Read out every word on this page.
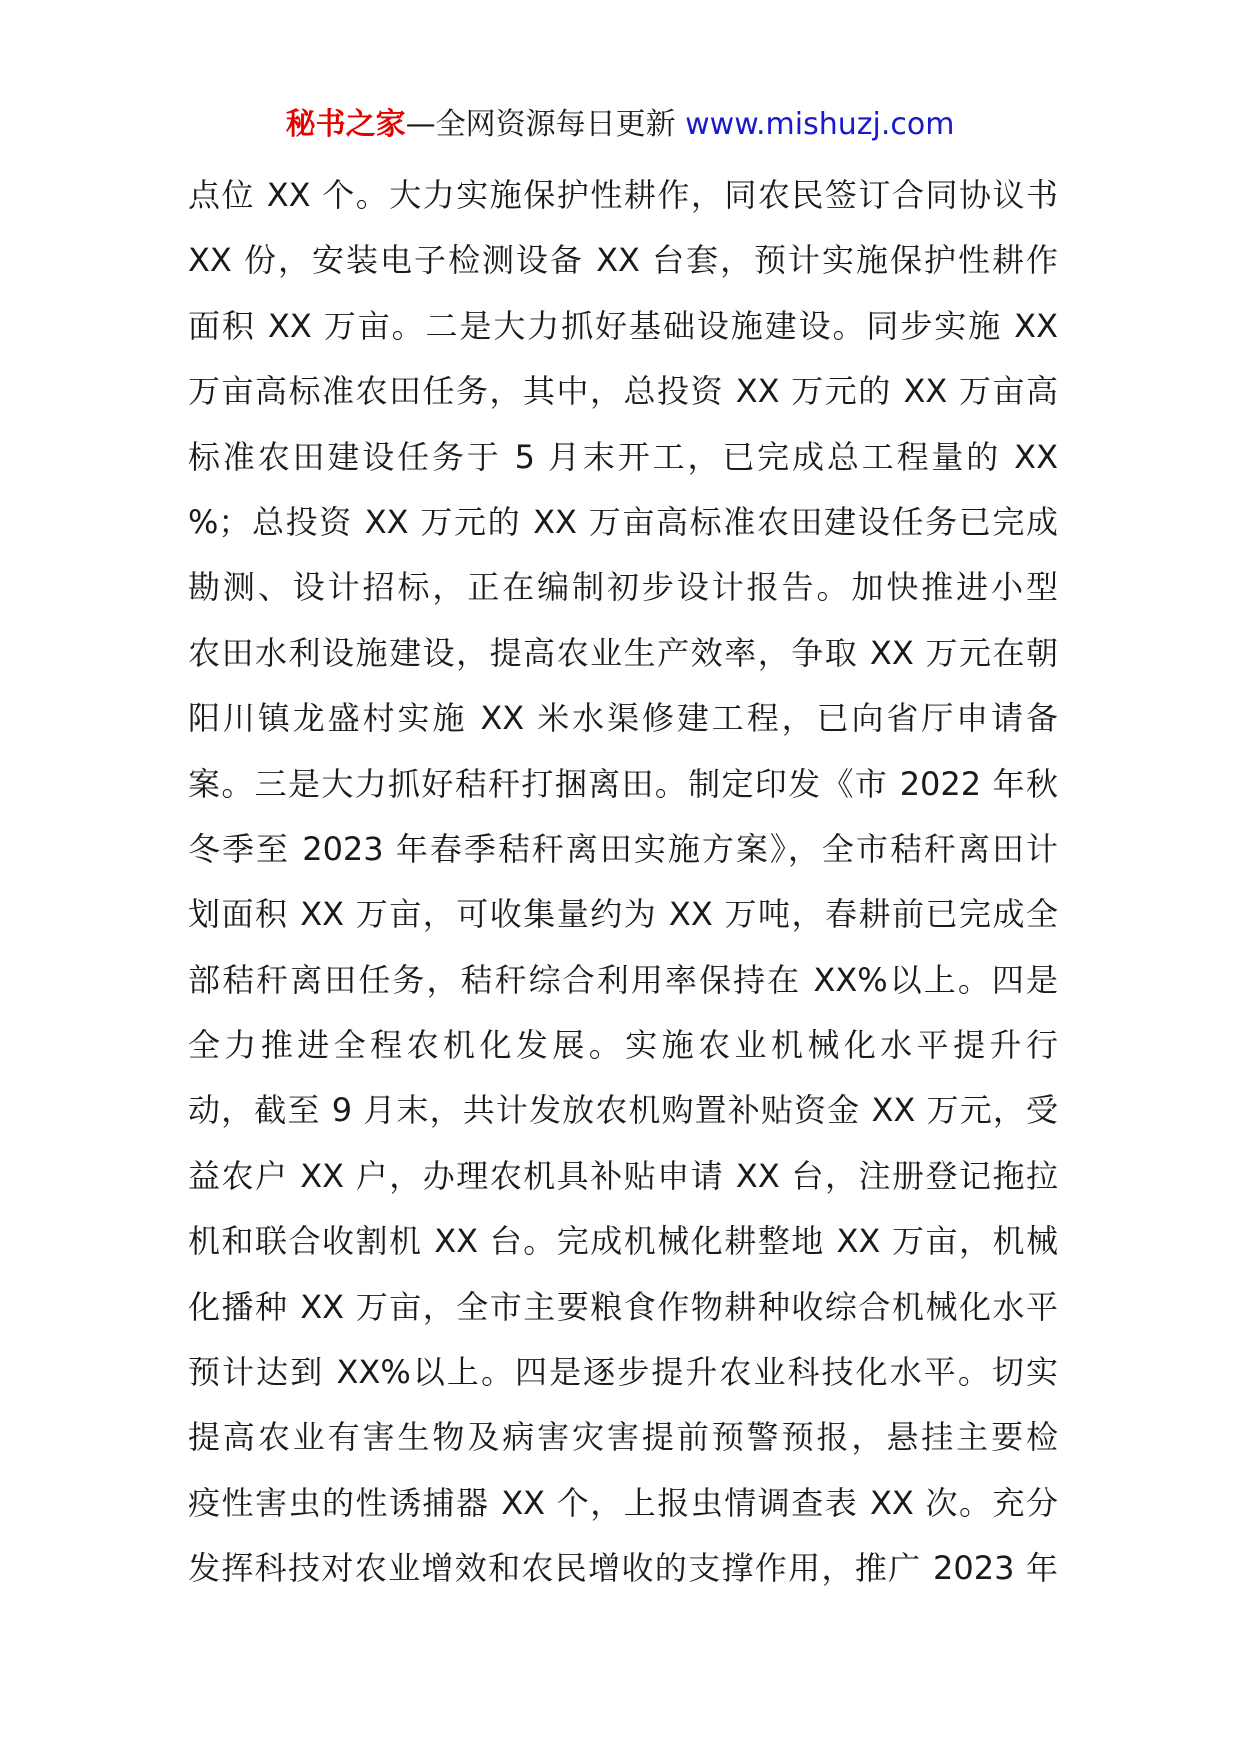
秘书之家—全网资源每日更新 www.mishuzj.com
点位 XX 个。大力实施保护性耕作，同农民签订合同协议书
XX 份，安装电子检测设备 XX 台套，预计实施保护性耕作
面积 XX 万亩。二是大力抓好基础设施建设。同步实施 XX
万亩高标准农田任务，其中，总投资 XX 万元的 XX 万亩高
标准农田建设任务于 5 月末开工，已完成总工程量的 XX
%；总投资 XX 万元的 XX 万亩高标准农田建设任务已完成
勘测、设计招标，正在编制初步设计报告。加快推进小型
农田水利设施建设，提高农业生产效率，争取 XX 万元在朝
阳川镇龙盛村实施 XX 米水渠修建工程，已向省厅申请备
案。三是大力抓好秸秆打捆离田。制定印发《市 2022 年秋
冬季至 2023 年春季秸秆离田实施方案》，全市秸秆离田计
划面积 XX 万亩，可收集量约为 XX 万吨，春耕前已完成全
部秸秆离田任务，秸秆综合利用率保持在 XX%以上。四是
全力推进全程农机化发展。实施农业机械化水平提升行
动，截至 9 月末，共计发放农机购置补贴资金 XX 万元，受
益农户 XX 户，办理农机具补贴申请 XX 台，注册登记拖拉
机和联合收割机 XX 台。完成机械化耕整地 XX 万亩，机械
化播种 XX 万亩，全市主要粮食作物耕种收综合机械化水平
预计达到 XX%以上。四是逐步提升农业科技化水平。切实
提高农业有害生物及病害灾害提前预警预报，悬挂主要检
疫性害虫的性诱捕器 XX 个，上报虫情调查表 XX 次。充分
发挥科技对农业增效和农民增收的支撑作用，推广 2023 年
